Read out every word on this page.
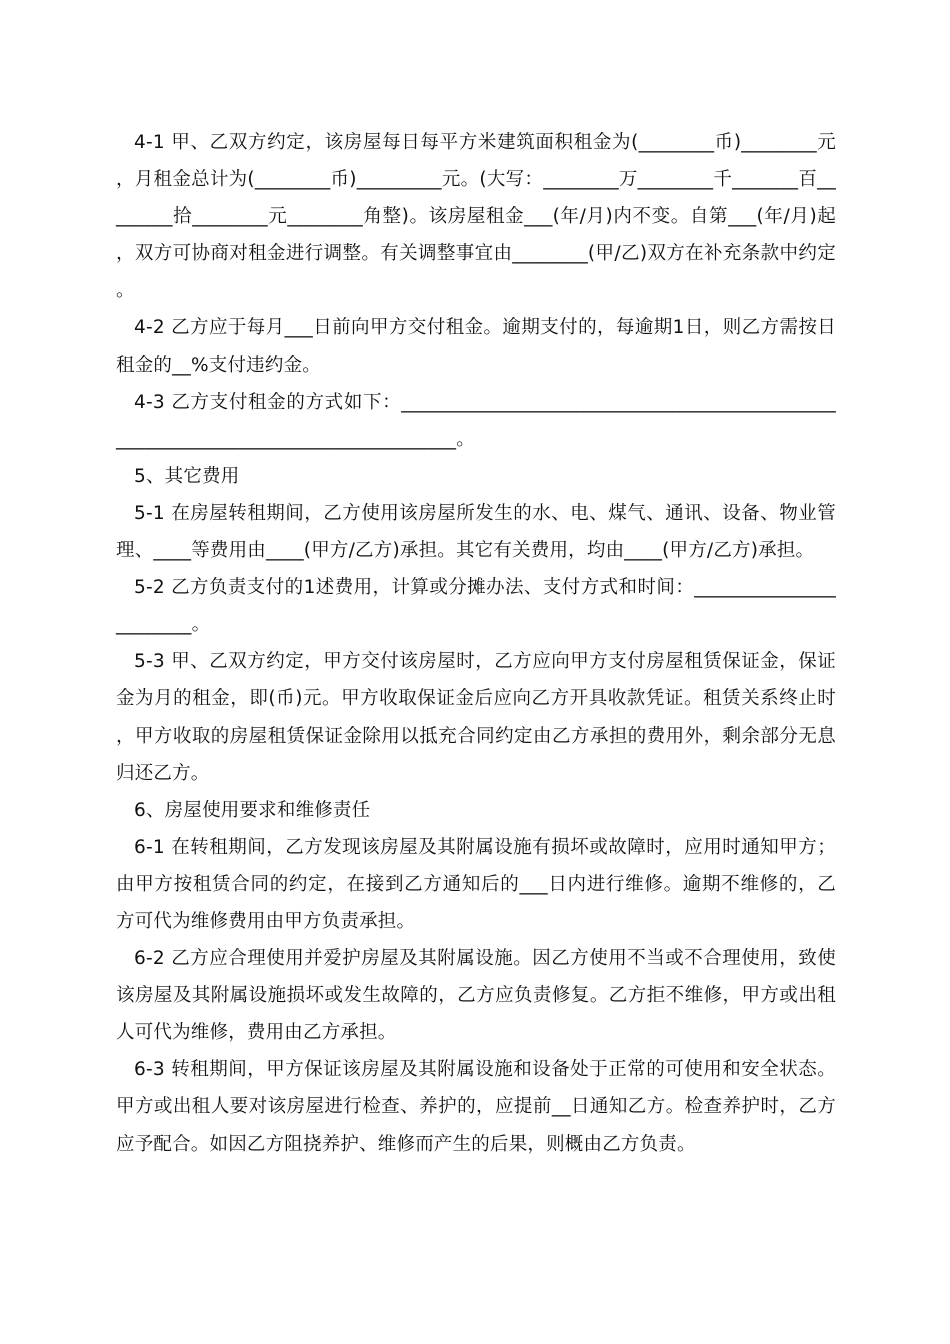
4-1 甲、乙双方约定，该房屋每日每平方米建筑面积租金为(________币)________元，月租金总计为(________币)_________元。(大写：________万________千_______百________拾________元________角整)。该房屋租金___(年/月)内不变。自第___(年/月)起，双方可协商对租金进行调整。有关调整事宜由________(甲/乙)双方在补充条款中约定。

4-2 乙方应于每月___日前向甲方交付租金。逾期支付的，每逾期1日，则乙方需按日租金的__%支付违约金。

4-3 乙方支付租金的方式如下：__________________________________________________________________________________。

5、其它费用

5-1 在房屋转租期间，乙方使用该房屋所发生的水、电、煤气、通讯、设备、物业管理、____等费用由____(甲方/乙方)承担。其它有关费用，均由____(甲方/乙方)承担。

5-2 乙方负责支付的1述费用，计算或分摊办法、支付方式和时间：_______________________。

5-3 甲、乙双方约定，甲方交付该房屋时，乙方应向甲方支付房屋租赁保证金，保证金为月的租金，即(币)元。甲方收取保证金后应向乙方开具收款凭证。租赁关系终止时，甲方收取的房屋租赁保证金除用以抵充合同约定由乙方承担的费用外，剩余部分无息归还乙方。

6、房屋使用要求和维修责任

6-1 在转租期间，乙方发现该房屋及其附属设施有损坏或故障时，应用时通知甲方；由甲方按租赁合同的约定，在接到乙方通知后的___日内进行维修。逾期不维修的，乙方可代为维修费用由甲方负责承担。

6-2 乙方应合理使用并爱护房屋及其附属设施。因乙方使用不当或不合理使用，致使该房屋及其附属设施损坏或发生故障的，乙方应负责修复。乙方拒不维修，甲方或出租人可代为维修，费用由乙方承担。

6-3 转租期间，甲方保证该房屋及其附属设施和设备处于正常的可使用和安全状态。甲方或出租人要对该房屋进行检查、养护的，应提前__日通知乙方。检查养护时，乙方应予配合。如因乙方阻挠养护、维修而产生的后果，则概由乙方负责。
